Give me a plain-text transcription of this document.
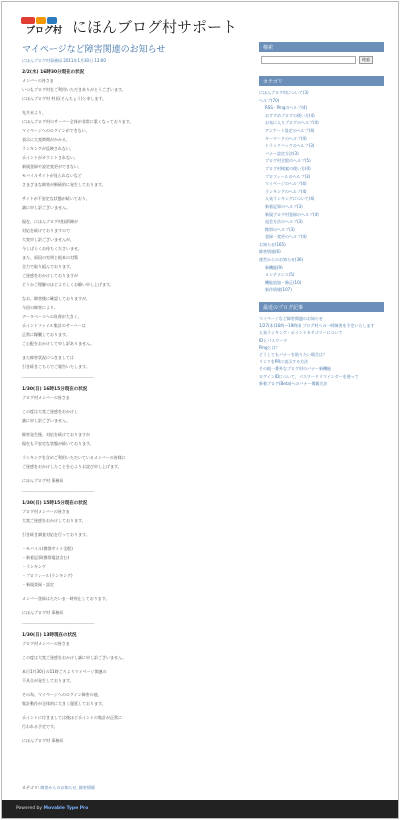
ブログ村 にほんブログ村サポート
マイページなど障害関連のお知らせ
にほんブログ村事務局 2011年1月30日 13:00
2/2(水) 16時30分現在の状況

メンバーの皆さま

いつもブログ村をご利用いただきありがとうございます。

にほんブログ村 村長(そんちょう)と申します。

先月末より、

にほんブログ村のサーバー全体が非常に重くなっております。

マイページへのログインができない、

表示に大変時間がかかる、

ランキングが反映されない、

ポイントがカウントされない、

新規登録や設定変更ができない、

モバイルサイトが見られないなど

さまざまな障害が断続的に発生しております。

サイトが不安定な状態が続いており、

誠に申し訳ございません。

現在、にほんブログ村技術陣が

対応を続けておりますので

大変申し訳ございませんが、

今しばらくお待ちくださいませ。

また、原因の究明と根本の対策

全力で取り組んでおります。

ご迷惑をおかけしておりますが

どうかご理解のほどよろしくお願い申し上げます。

なお、障害後に確認しておりますが、

今回の障害により、

データベースへの負荷が大きく、

ポイントファイル集計のサーバーは

正常に稼働しております。

ご心配をおかけして申し訳ありません。

また障害状況につきましては

引き続きこちらでご報告いたします。

--------------------------------------------------
1/30(日) 16時15分現在の状況

ブログ村メンバーの皆さま

この度は大変ご迷惑をおかけし

誠に申し訳ございません。

障害発生後、対応を続けておりますが

現在も不安定な状態が続いております。

ランキングを含めご利用いただいているメンバーの皆様に

ご迷惑をおかけしたことを心よりお詫び申し上げます。

にほんブログ村 事務局

--------------------------------------------------
1/30(日) 15時15分現在の状況

ブログ村メンバーの皆さま

大変ご迷惑をおかけしております。

引き続き調査対応を行っております。

・モバイル(携帯サイト全般)

・新着記事(携帯電話含む)

・ランキング

・プロフィール(ランキング)

・新規登録・設定

メンバー登録はただいま一時停止しております。

にほんブログ村 事務局

--------------------------------------------------
1/30(日) 13時現在の状況

ブログ村メンバーの皆さま

この度は大変ご迷惑をおかけし誠に申し訳ございません。

本日1月30日の11時ごろよりマイページ関連の

不具合が発生しております。

その為、マイページへのログイン障害の他、

集計動作が全体的に大きく遅延しております。

ポイントに付きましては後ほどポイントの集計が正常に

行われる予定です。

にほんブログ村 事務局

カテゴリ: 障害からのお知らせ, 障害情報
検索
検索
カテゴリ
にほんブログ村について(3)
ヘルプ(70)
RSS・Pingのヘルプ(4)
おすすめブログの使い方(4)
お気に入りブログのヘルプ(4)
アンケート設定のヘルプ(4)
キーワードのヘルプ(4)
トラックバックのヘルプ(3)
バナー設定方法(3)
ブログ村全般のヘルプ(5)
ブログ村検索の使い方(4)
プロフィールのヘルプ(3)
マイページのヘルプ(4)
ランキングのヘルプ(4)
人気ランキングについて(4)
新着記事のヘルプ(3)
新規ブログ村登録のヘルプ(4)
退会方法のヘルプ(3)
携帯のヘルプ(3)
登録・変更のヘルプ(4)
お知らせ(165)
障害情報(6)
運営からのお知らせ(36)
新機能(9)
メンテナンス(5)
機能追加・修正(10)
新作情報(107)
最近のブログ記事
マイページなど障害関連のお知らせ
1/27(木)16時〜19時頃 ブログ村への一時障害を予定いたします
人気ランキング・ポイントカテゴリーについて
IDとパスワード
Pingとは？
どうしてもバナーを貼りたい場合は？
リンクをPRに表示する方法
その他一番外なブログ村のバナー新機能
ログインIDについて、パスワードリマインダーを使って
新着ブログ(Beta)へのバナー掲載方法
Powered by Movable Type Pro
